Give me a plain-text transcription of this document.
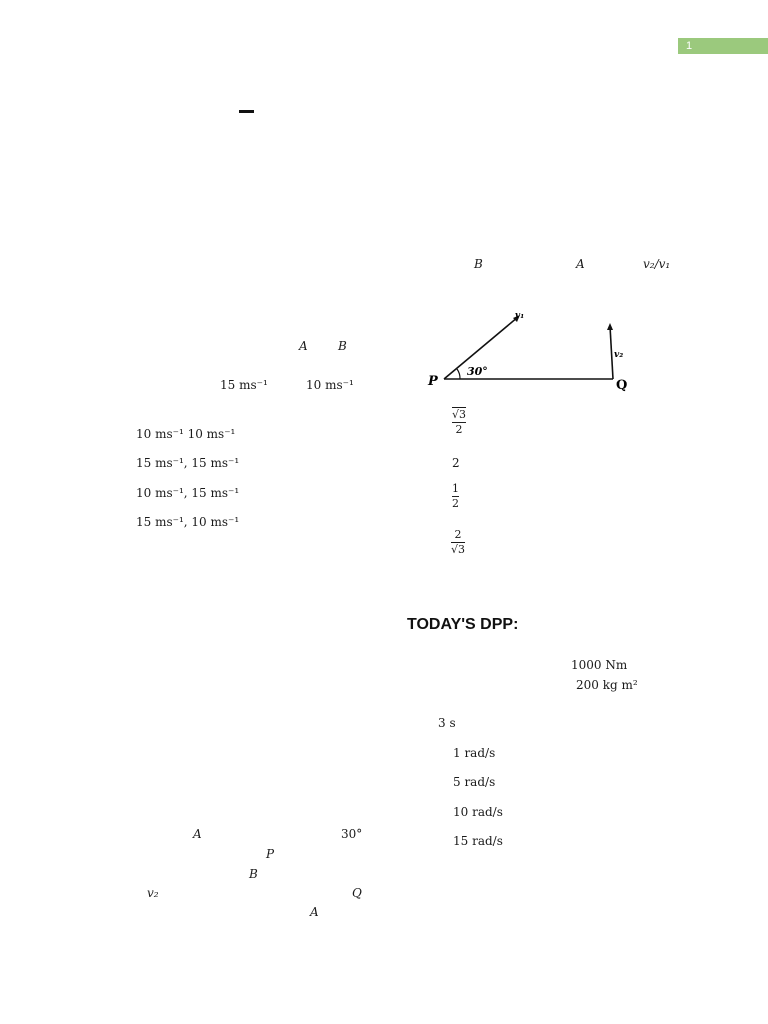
1
A	B
15 ms⁻¹	10 ms⁻¹
10 ms⁻¹ 10 ms⁻¹
15 ms⁻¹, 15 ms⁻¹
10 ms⁻¹, 15 ms⁻¹
15 ms⁻¹, 10 ms⁻¹
A	30°
P
B
v₂	Q
A
B	A	v₂/v₁
P	Q
v₁
v₂
30°
√3
2
2
1
2
$\frac{2}{√3}$
TODAY'S DPP:
1000 Nm
200 kg m²
3 s
1 rad/s
5 rad/s
10 rad/s
15 rad/s
